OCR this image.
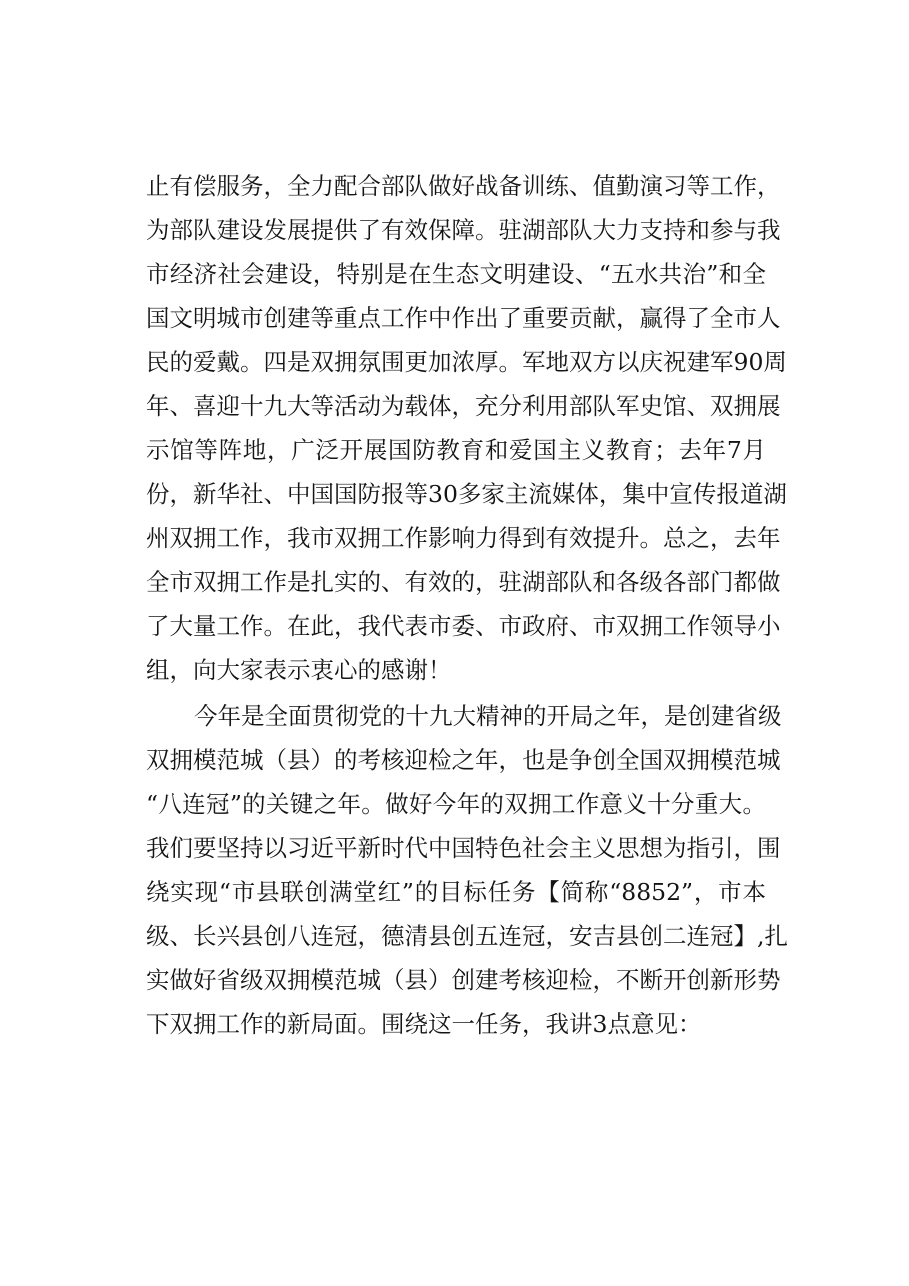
止有偿服务，全力配合部队做好战备训练、值勤演习等工作，

为部队建设发展提供了有效保障。驻湖部队大力支持和参与我

市经济社会建设，特别是在生态文明建设、“五水共治”和全

国文明城市创建等重点工作中作出了重要贡献，赢得了全市人

民的爱戴。四是双拥氛围更加浓厚。军地双方以庆祝建军90周

年、喜迎十九大等活动为载体，充分利用部队军史馆、双拥展

示馆等阵地，广泛开展国防教育和爱国主义教育；去年7月

份，新华社、中国国防报等30多家主流媒体，集中宣传报道湖

州双拥工作，我市双拥工作影响力得到有效提升。总之，去年

全市双拥工作是扎实的、有效的，驻湖部队和各级各部门都做

了大量工作。在此，我代表市委、市政府、市双拥工作领导小

组，向大家表示衷心的感谢！

今年是全面贯彻党的十九大精神的开局之年，是创建省级

双拥模范城（县）的考核迎检之年，也是争创全国双拥模范城

“八连冠”的关键之年。做好今年的双拥工作意义十分重大。

我们要坚持以习近平新时代中国特色社会主义思想为指引，围

绕实现“市县联创满堂红”的目标任务【简称“8852”，市本

级、长兴县创八连冠，德清县创五连冠，安吉县创二连冠】,扎

实做好省级双拥模范城（县）创建考核迎检，不断开创新形势

下双拥工作的新局面。围绕这一任务，我讲3点意见：
